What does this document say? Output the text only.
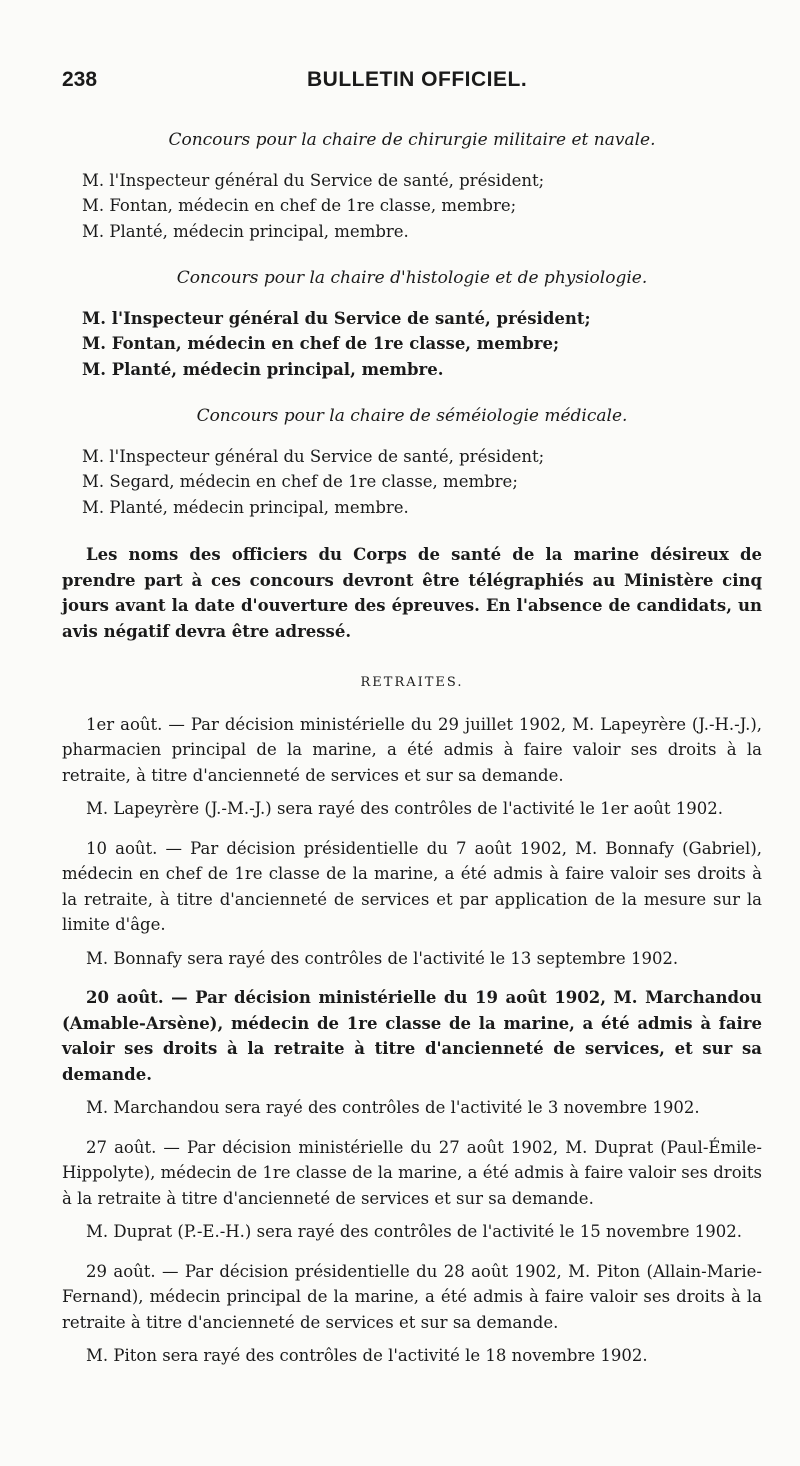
238	BULLETIN OFFICIEL.
Concours pour la chaire de chirurgie militaire et navale.
M. l'Inspecteur général du Service de santé, président;
M. Fontan, médecin en chef de 1re classe, membre;
M. Planté, médecin principal, membre.
Concours pour la chaire d'histologie et de physiologie.
M. l'Inspecteur général du Service de santé, président;
M. Fontan, médecin en chef de 1re classe, membre;
M. Planté, médecin principal, membre.
Concours pour la chaire de séméiologie médicale.
M. l'Inspecteur général du Service de santé, président;
M. Segard, médecin en chef de 1re classe, membre;
M. Planté, médecin principal, membre.

Les noms des officiers du Corps de santé de la marine désireux de prendre part à ces concours devront être télégraphiés au Ministère cinq jours avant la date d'ouverture des épreuves. En l'absence de candidats, un avis négatif devra être adressé.

RETRAITES.

1er août. — Par décision ministérielle du 29 juillet 1902, M. Lapeyrère (J.-H.-J.), pharmacien principal de la marine, a été admis à faire valoir ses droits à la retraite, à titre d'ancienneté de services et sur sa demande.

M. Lapeyrère (J.-M.-J.) sera rayé des contrôles de l'activité le 1er août 1902.

10 août. — Par décision présidentielle du 7 août 1902, M. Bonnafy (Gabriel), médecin en chef de 1re classe de la marine, a été admis à faire valoir ses droits à la retraite, à titre d'ancienneté de services et par application de la mesure sur la limite d'âge.

M. Bonnafy sera rayé des contrôles de l'activité le 13 septembre 1902.

20 août. — Par décision ministérielle du 19 août 1902, M. Marchandou (Amable-Arsène), médecin de 1re classe de la marine, a été admis à faire valoir ses droits à la retraite à titre d'ancienneté de services, et sur sa demande.

M. Marchandou sera rayé des contrôles de l'activité le 3 novembre 1902.

27 août. — Par décision ministérielle du 27 août 1902, M. Duprat (Paul-Émile-Hippolyte), médecin de 1re classe de la marine, a été admis à faire valoir ses droits à la retraite à titre d'ancienneté de services et sur sa demande.

M. Duprat (P.-E.-H.) sera rayé des contrôles de l'activité le 15 novembre 1902.

29 août. — Par décision présidentielle du 28 août 1902, M. Piton (Allain-Marie-Fernand), médecin principal de la marine, a été admis à faire valoir ses droits à la retraite à titre d'ancienneté de services et sur sa demande.

M. Piton sera rayé des contrôles de l'activité le 18 novembre 1902.
